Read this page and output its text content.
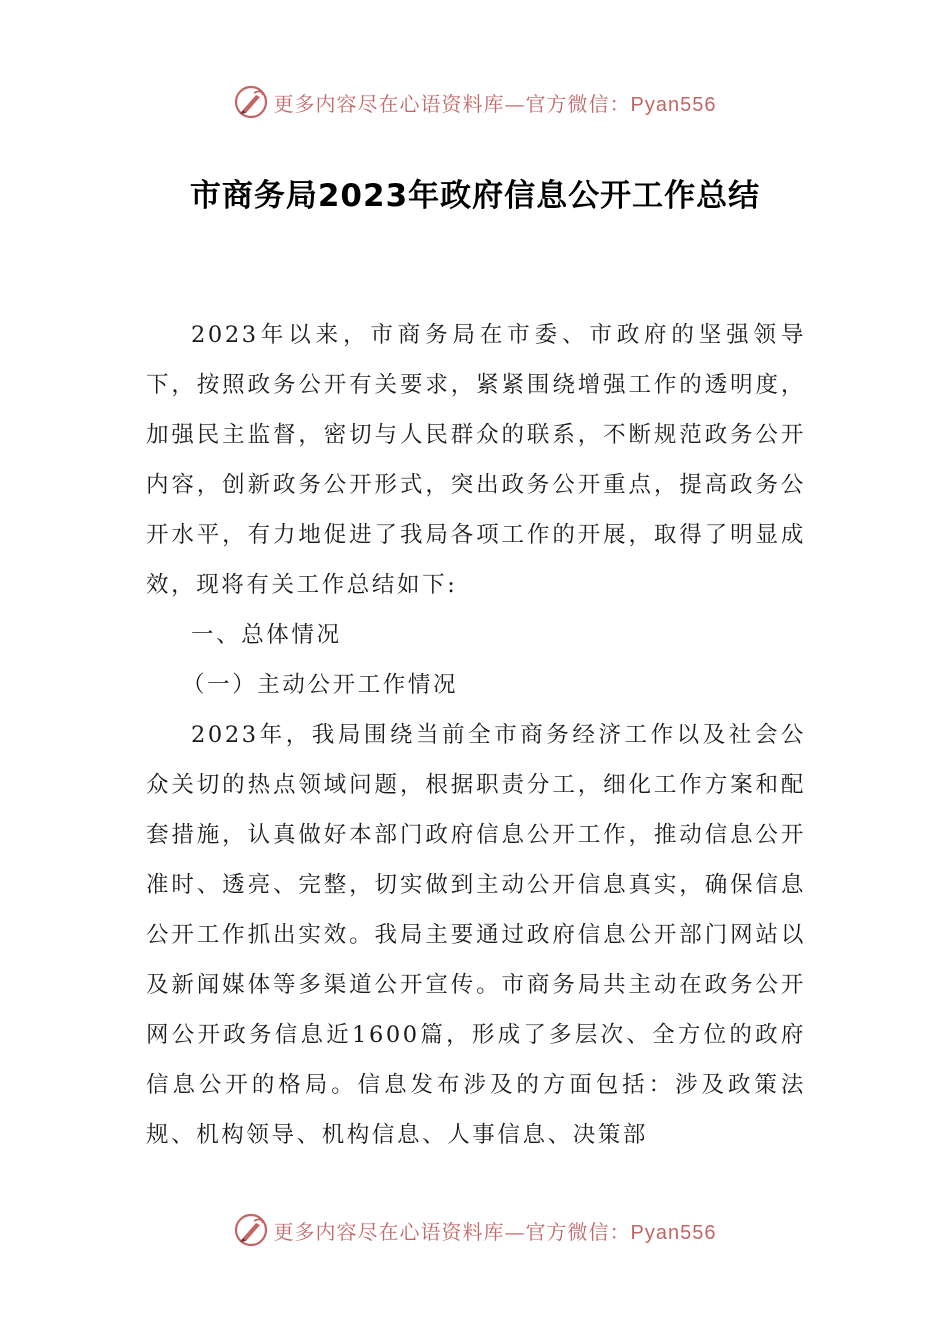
更多内容尽在心语资料库—官方微信：Pyan556
市商务局2023年政府信息公开工作总结

2023年以来，市商务局在市委、市政府的坚强领导下，按照政务公开有关要求，紧紧围绕增强工作的透明度，加强民主监督，密切与人民群众的联系，不断规范政务公开内容，创新政务公开形式，突出政务公开重点，提高政务公开水平，有力地促进了我局各项工作的开展，取得了明显成效，现将有关工作总结如下:

一、总体情况

（一）主动公开工作情况

2023年，我局围绕当前全市商务经济工作以及社会公众关切的热点领域问题，根据职责分工，细化工作方案和配套措施，认真做好本部门政府信息公开工作，推动信息公开准时、透亮、完整，切实做到主动公开信息真实，确保信息公开工作抓出实效。我局主要通过政府信息公开部门网站以及新闻媒体等多渠道公开宣传。市商务局共主动在政务公开网公开政务信息近1600篇，形成了多层次、全方位的政府信息公开的格局。信息发布涉及的方面包括：涉及政策法规、机构领导、机构信息、人事信息、决策部

更多内容尽在心语资料库—官方微信：Pyan556
